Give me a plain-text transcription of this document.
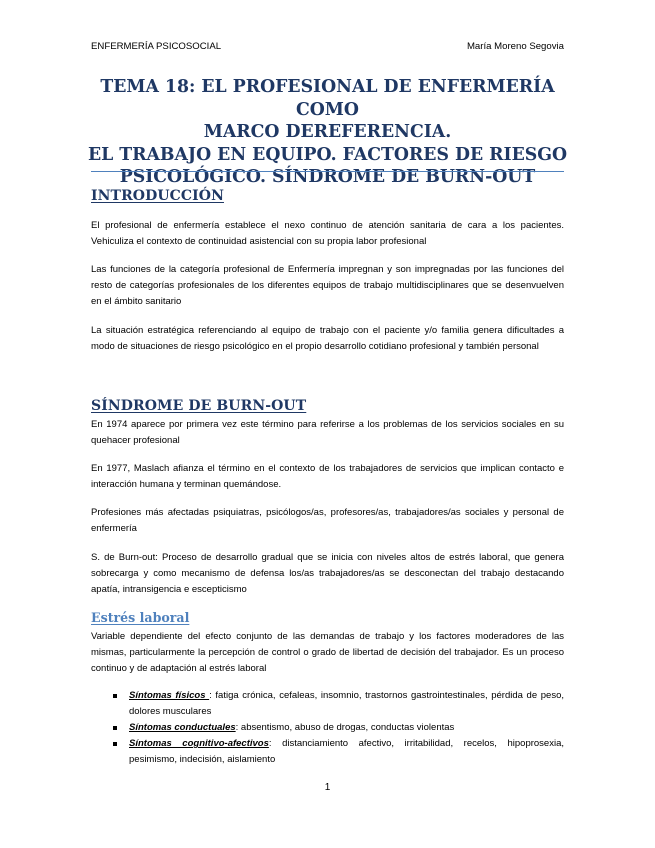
ENFERMERÍA PSICOSOCIAL	María Moreno Segovia
TEMA 18: EL PROFESIONAL DE ENFERMERÍA COMO
MARCO DEREFERENCIA.
EL TRABAJO EN EQUIPO. FACTORES DE RIESGO
PSICOLÓGICO. SÍNDROME DE BURN-OUT
INTRODUCCIÓN

El profesional de enfermería establece el nexo continuo de atención sanitaria de cara a los pacientes. Vehiculiza el contexto de continuidad asistencial con su propia labor profesional

Las funciones de la categoría profesional de Enfermería impregnan y son impregnadas por las funciones del resto de categorías profesionales de los diferentes equipos de trabajo multidisciplinares que se desenvuelven en el ámbito sanitario

La situación estratégica referenciando al equipo de trabajo con el paciente y/o familia genera dificultades a modo de situaciones de riesgo psicológico en el propio desarrollo cotidiano profesional y también personal

SÍNDROME DE BURN-OUT

En 1974 aparece por primera vez este término para referirse a los problemas de los servicios sociales en su quehacer profesional

En 1977, Maslach afianza el término en el contexto de los trabajadores de servicios que implican contacto e interacción humana y terminan quemándose.

Profesiones más afectadas psiquiatras, psicólogos/as, profesores/as, trabajadores/as sociales y personal de enfermería

S. de Burn-out: Proceso de desarrollo gradual que se inicia con niveles altos de estrés laboral, que genera sobrecarga y como mecanismo de defensa los/as trabajadores/as se desconectan del trabajo destacando apatía, intransigencia e escepticismo

Estrés laboral

Variable dependiente del efecto conjunto de las demandas de trabajo y los factores moderadores de las mismas, particularmente la percepción de control o grado de libertad de decisión del trabajador. Es un proceso continuo y de adaptación al estrés laboral

Síntomas físicos : fatiga crónica, cefaleas, insomnio, trastornos gastrointestinales, pérdida de peso, dolores musculares
Síntomas conductuales: absentismo, abuso de drogas, conductas violentas
Síntomas cognitivo-afectivos: distanciamiento afectivo, irritabilidad, recelos, hipoprosexia, pesimismo, indecisión, aislamiento
1
